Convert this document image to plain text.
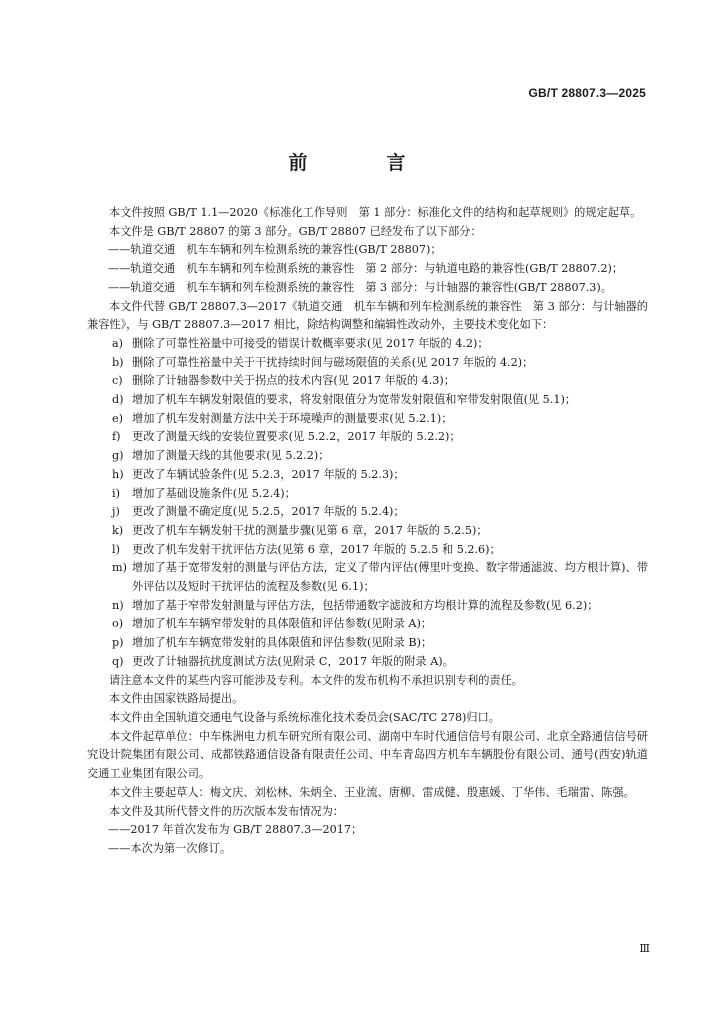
GB/T 28807.3—2025
前　言

本文件按照 GB/T 1.1—2020《标准化工作导则　第 1 部分：标准化文件的结构和起草规则》的规定起草。

本文件是 GB/T 28807 的第 3 部分。GB/T 28807 已经发布了以下部分：

——轨道交通　机车车辆和列车检测系统的兼容性(GB/T 28807)；

——轨道交通　机车车辆和列车检测系统的兼容性　第 2 部分：与轨道电路的兼容性(GB/T 28807.2)；

——轨道交通　机车车辆和列车检测系统的兼容性　第 3 部分：与计轴器的兼容性(GB/T 28807.3)。

本文件代替 GB/T 28807.3—2017《轨道交通　机车车辆和列车检测系统的兼容性　第 3 部分：与计轴器的兼容性》，与 GB/T 28807.3—2017 相比，除结构调整和编辑性改动外，主要技术变化如下：

a) 删除了可靠性裕量中可接受的错误计数概率要求(见 2017 年版的 4.2)；
b) 删除了可靠性裕量中关于干扰持续时间与磁场限值的关系(见 2017 年版的 4.2)；
c) 删除了计轴器参数中关于拐点的技术内容(见 2017 年版的 4.3)；
d) 增加了机车车辆发射限值的要求，将发射限值分为宽带发射限值和窄带发射限值(见 5.1)；
e) 增加了机车发射测量方法中关于环境噪声的测量要求(见 5.2.1)；
f)	更改了测量天线的安装位置要求(见 5.2.2，2017 年版的 5.2.2)；
g) 增加了测量天线的其他要求(见 5.2.2)；
h) 更改了车辆试验条件(见 5.2.3，2017 年版的 5.2.3)；
i)	增加了基础设施条件(见 5.2.4)；
j)	更改了测量不确定度(见 5.2.5，2017 年版的 5.2.4)；
k) 更改了机车车辆发射干扰的测量步骤(见第 6 章，2017 年版的 5.2.5)；
l)	更改了机车发射干扰评估方法(见第 6 章，2017 年版的 5.2.5 和 5.2.6)；
m) 增加了基于宽带发射的测量与评估方法，定义了带内评估(傅里叶变换、数字带通滤波、均方根计算)、带外评估以及短时干扰评估的流程及参数(见 6.1)；
n) 增加了基于窄带发射测量与评估方法，包括带通数字滤波和方均根计算的流程及参数(见 6.2)；
o) 增加了机车车辆窄带发射的具体限值和评估参数(见附录 A)；
p) 增加了机车车辆宽带发射的具体限值和评估参数(见附录 B)；
q) 更改了计轴器抗扰度测试方法(见附录 C，2017 年版的附录 A)。

请注意本文件的某些内容可能涉及专利。本文件的发布机构不承担识别专利的责任。

本文件由国家铁路局提出。

本文件由全国轨道交通电气设备与系统标准化技术委员会(SAC/TC 278)归口。

本文件起草单位：中车株洲电力机车研究所有限公司、湖南中车时代通信信号有限公司、北京全路通信信号研究设计院集团有限公司、成都铁路通信设备有限责任公司、中车青岛四方机车车辆股份有限公司、通号(西安)轨道交通工业集团有限公司。

本文件主要起草人：梅文庆、刘松林、朱炳全、王业流、唐柳、雷成健、殷惠媛、丁华伟、毛瑞雷、陈强。

本文件及其所代替文件的历次版本发布情况为：

——2017 年首次发布为 GB/T 28807.3—2017；

——本次为第一次修订。

Ⅲ
